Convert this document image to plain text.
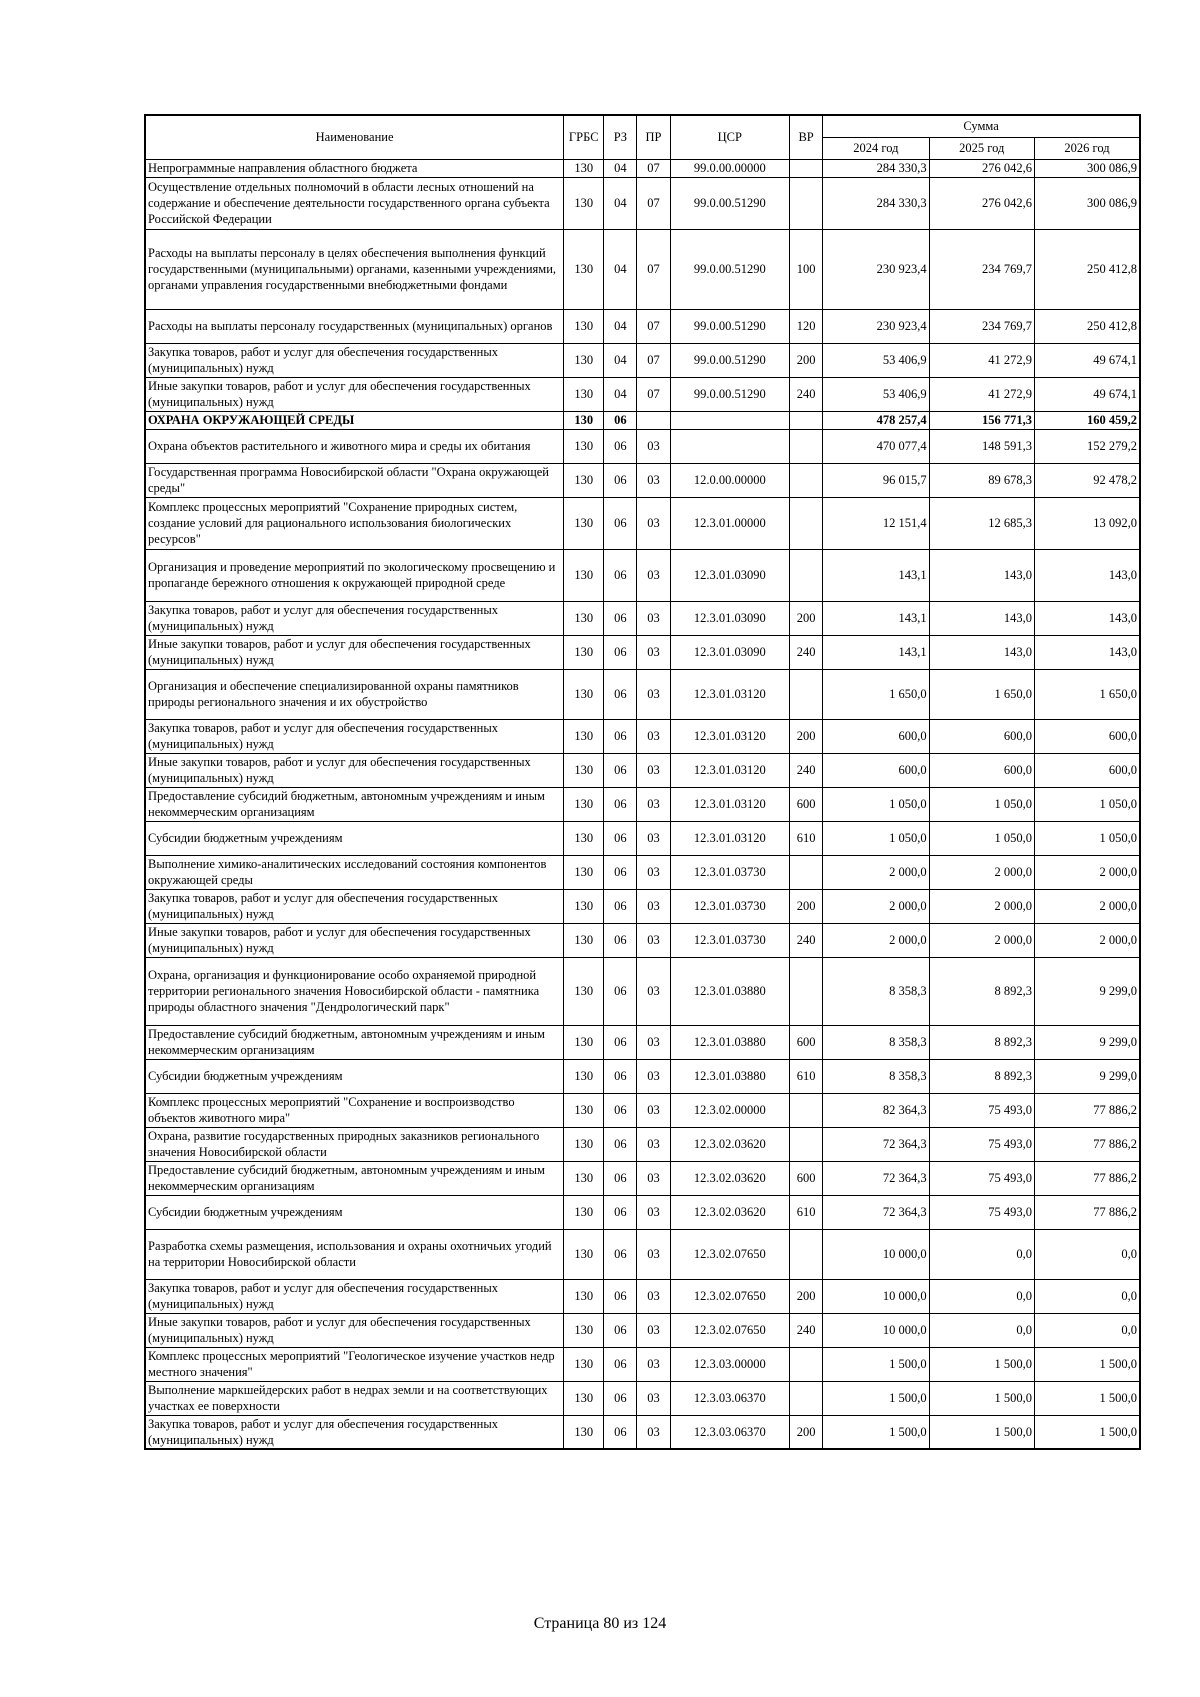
Наименование	ГРБС	РЗ	ПР	ЦСР	ВР	Сумма		
						2024 год	2025 год	2026 год
Непрограммные направления областного бюджета	130	04	07	99.0.00.00000		284 330,3	276 042,6	300 086,9
Осуществление отдельных полномочий в области лесных отношений на содержание и обеспечение деятельности государственного органа субъекта Российской Федерации	130	04	07	99.0.00.51290		284 330,3	276 042,6	300 086,9
Расходы на выплаты персоналу в целях обеспечения выполнения функций государственными (муниципальными) органами, казенными учреждениями, органами управления государственными внебюджетными фондами	130	04	07	99.0.00.51290	100	230 923,4	234 769,7	250 412,8
Расходы на выплаты персоналу государственных (муниципальных) органов	130	04	07	99.0.00.51290	120	230 923,4	234 769,7	250 412,8
Закупка товаров, работ и услуг для обеспечения государственных (муниципальных) нужд	130	04	07	99.0.00.51290	200	53 406,9	41 272,9	49 674,1
Иные закупки товаров, работ и услуг для обеспечения государственных (муниципальных) нужд	130	04	07	99.0.00.51290	240	53 406,9	41 272,9	49 674,1
ОХРАНА ОКРУЖАЮЩЕЙ СРЕДЫ	130	06				478 257,4	156 771,3	160 459,2
Охрана объектов растительного и животного мира и среды их обитания	130	06	03			470 077,4	148 591,3	152 279,2
Государственная программа Новосибирской области "Охрана окружающей среды"	130	06	03	12.0.00.00000		96 015,7	89 678,3	92 478,2
Комплекс процессных мероприятий "Сохранение природных систем, создание условий для рационального использования биологических ресурсов"	130	06	03	12.3.01.00000		12 151,4	12 685,3	13 092,0
Организация и проведение мероприятий по экологическому просвещению и пропаганде бережного отношения к окружающей природной среде	130	06	03	12.3.01.03090		143,1	143,0	143,0
Закупка товаров, работ и услуг для обеспечения государственных (муниципальных) нужд	130	06	03	12.3.01.03090	200	143,1	143,0	143,0
Иные закупки товаров, работ и услуг для обеспечения государственных (муниципальных) нужд	130	06	03	12.3.01.03090	240	143,1	143,0	143,0
Организация и обеспечение специализированной охраны памятников природы регионального значения и их обустройство	130	06	03	12.3.01.03120		1 650,0	1 650,0	1 650,0
Закупка товаров, работ и услуг для обеспечения государственных (муниципальных) нужд	130	06	03	12.3.01.03120	200	600,0	600,0	600,0
Иные закупки товаров, работ и услуг для обеспечения государственных (муниципальных) нужд	130	06	03	12.3.01.03120	240	600,0	600,0	600,0
Предоставление субсидий бюджетным, автономным учреждениям и иным некоммерческим организациям	130	06	03	12.3.01.03120	600	1 050,0	1 050,0	1 050,0
Субсидии бюджетным учреждениям	130	06	03	12.3.01.03120	610	1 050,0	1 050,0	1 050,0
Выполнение химико-аналитических исследований состояния компонентов окружающей среды	130	06	03	12.3.01.03730		2 000,0	2 000,0	2 000,0
Закупка товаров, работ и услуг для обеспечения государственных (муниципальных) нужд	130	06	03	12.3.01.03730	200	2 000,0	2 000,0	2 000,0
Иные закупки товаров, работ и услуг для обеспечения государственных (муниципальных) нужд	130	06	03	12.3.01.03730	240	2 000,0	2 000,0	2 000,0
Охрана, организация и функционирование особо охраняемой природной территории регионального значения Новосибирской области - памятника природы областного значения "Дендрологический парк"	130	06	03	12.3.01.03880		8 358,3	8 892,3	9 299,0
Предоставление субсидий бюджетным, автономным учреждениям и иным некоммерческим организациям	130	06	03	12.3.01.03880	600	8 358,3	8 892,3	9 299,0
Субсидии бюджетным учреждениям	130	06	03	12.3.01.03880	610	8 358,3	8 892,3	9 299,0
Комплекс процессных мероприятий "Сохранение и воспроизводство объектов животного мира"	130	06	03	12.3.02.00000		82 364,3	75 493,0	77 886,2
Охрана, развитие государственных природных заказников регионального значения Новосибирской области	130	06	03	12.3.02.03620		72 364,3	75 493,0	77 886,2
Предоставление субсидий бюджетным, автономным учреждениям и иным некоммерческим организациям	130	06	03	12.3.02.03620	600	72 364,3	75 493,0	77 886,2
Субсидии бюджетным учреждениям	130	06	03	12.3.02.03620	610	72 364,3	75 493,0	77 886,2
Разработка схемы размещения, использования и охраны охотничьих угодий на территории Новосибирской области	130	06	03	12.3.02.07650		10 000,0	0,0	0,0
Закупка товаров, работ и услуг для обеспечения государственных (муниципальных) нужд	130	06	03	12.3.02.07650	200	10 000,0	0,0	0,0
Иные закупки товаров, работ и услуг для обеспечения государственных (муниципальных) нужд	130	06	03	12.3.02.07650	240	10 000,0	0,0	0,0
Комплекс процессных мероприятий "Геологическое изучение участков недр местного значения"	130	06	03	12.3.03.00000		1 500,0	1 500,0	1 500,0
Выполнение маркшейдерских работ в недрах земли и на соответствующих участках ее поверхности	130	06	03	12.3.03.06370		1 500,0	1 500,0	1 500,0
Закупка товаров, работ и услуг для обеспечения государственных (муниципальных) нужд	130	06	03	12.3.03.06370	200	1 500,0	1 500,0	1 500,0
Страница 80 из 124
